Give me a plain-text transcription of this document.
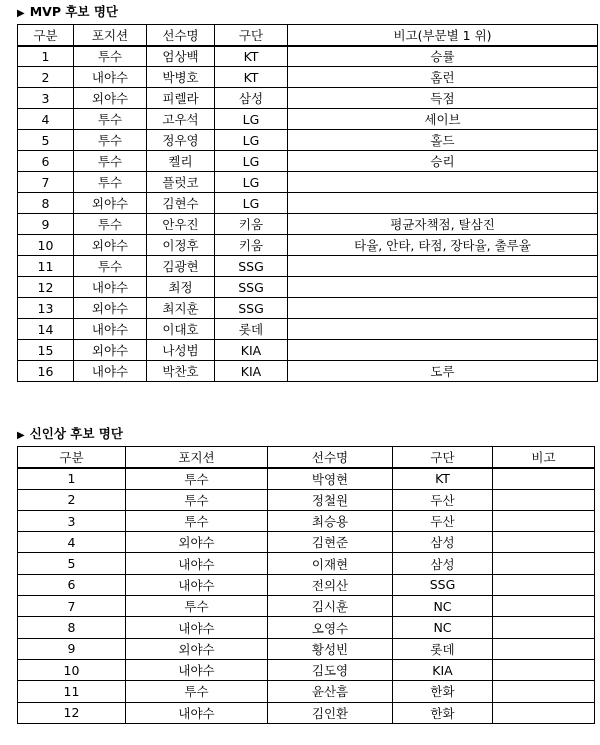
▶ MVP 후보 명단
구분	포지션	선수명	구단	비고(부문별 1 위)
1	투수	엄상백	KT	승률
2	내야수	박병호	KT	홈런
3	외야수	피렐라	삼성	득점
4	투수	고우석	LG	세이브
5	투수	정우영	LG	홀드
6	투수	켈리	LG	승리
7	투수	플럿코	LG	
8	외야수	김현수	LG	
9	투수	안우진	키움	평균자책점, 탈삼진
10	외야수	이정후	키움	타율, 안타, 타점, 장타율, 출루율
11	투수	김광현	SSG	
12	내야수	최정	SSG	
13	외야수	최지훈	SSG	
14	내야수	이대호	롯데	
15	외야수	나성범	KIA	
16	내야수	박찬호	KIA	도루
▶ 신인상 후보 명단
구분	포지션	선수명	구단	비고
1	투수	박영현	KT	
2	투수	정철원	두산	
3	투수	최승용	두산	
4	외야수	김현준	삼성	
5	내야수	이재현	삼성	
6	내야수	전의산	SSG	
7	투수	김시훈	NC	
8	내야수	오영수	NC	
9	외야수	황성빈	롯데	
10	내야수	김도영	KIA	
11	투수	윤산흠	한화	
12	내야수	김인환	한화	
